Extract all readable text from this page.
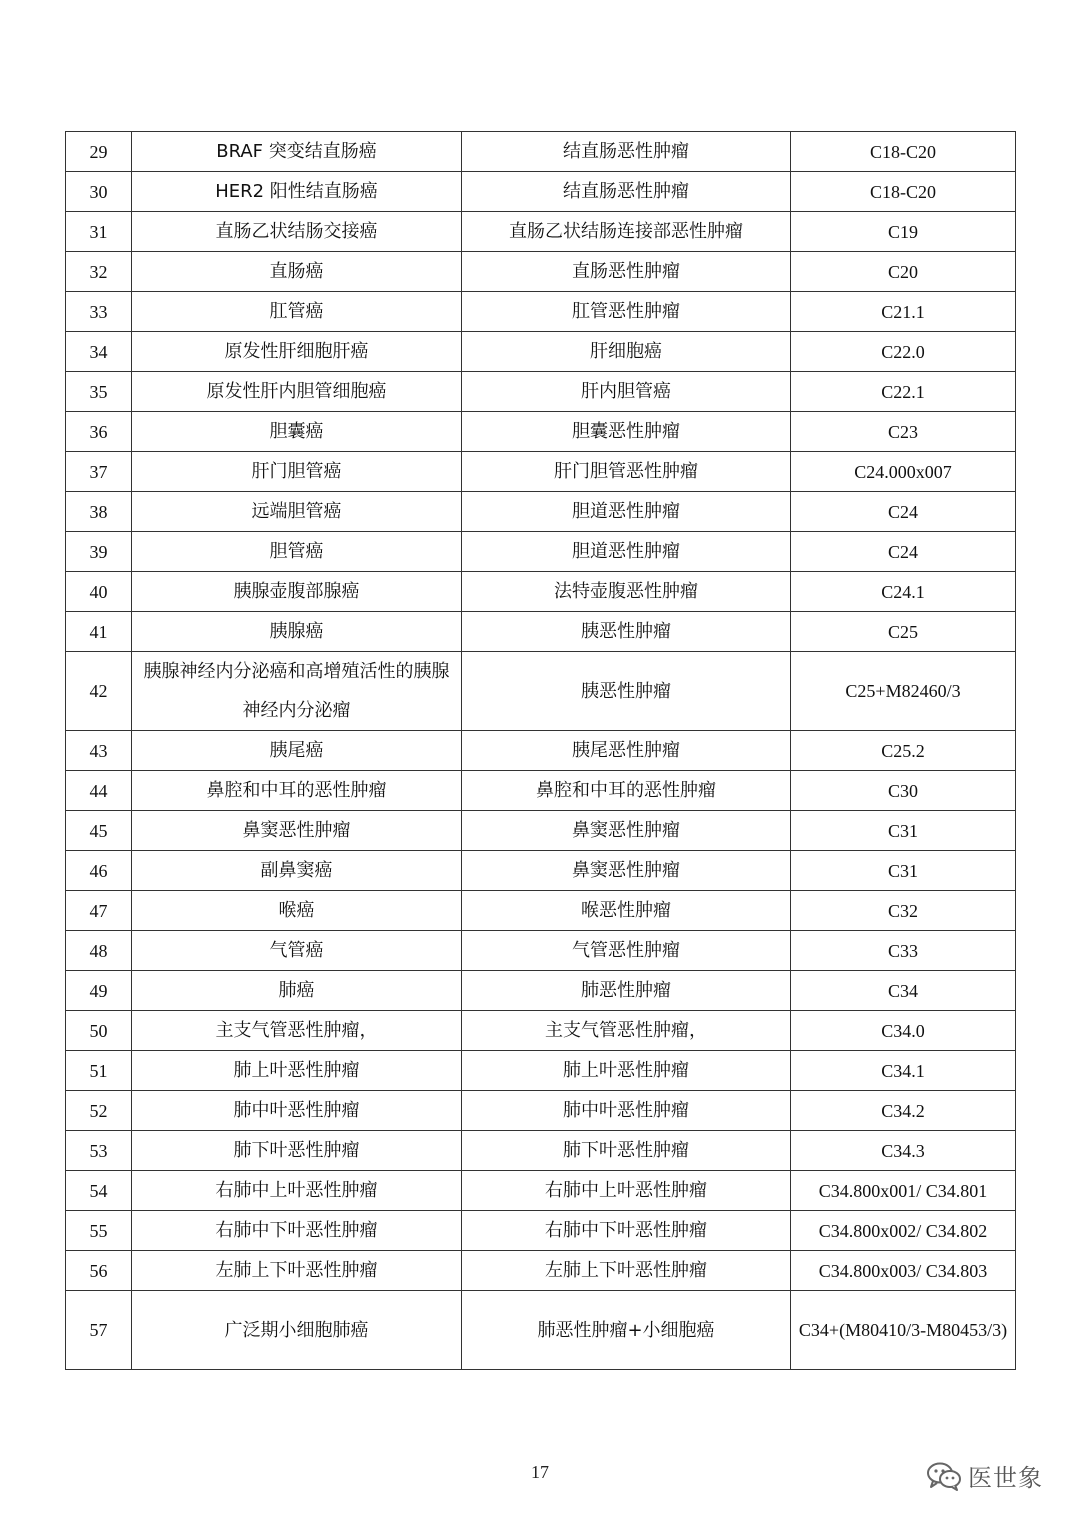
29	BRAF 突变结直肠癌	结直肠恶性肿瘤	C18-C20
30	HER2 阳性结直肠癌	结直肠恶性肿瘤	C18-C20
31	直肠乙状结肠交接癌	直肠乙状结肠连接部恶性肿瘤	C19
32	直肠癌	直肠恶性肿瘤	C20
33	肛管癌	肛管恶性肿瘤	C21.1
34	原发性肝细胞肝癌	肝细胞癌	C22.0
35	原发性肝内胆管细胞癌	肝内胆管癌	C22.1
36	胆囊癌	胆囊恶性肿瘤	C23
37	肝门胆管癌	肝门胆管恶性肿瘤	C24.000x007
38	远端胆管癌	胆道恶性肿瘤	C24
39	胆管癌	胆道恶性肿瘤	C24
40	胰腺壶腹部腺癌	法特壶腹恶性肿瘤	C24.1
41	胰腺癌	胰恶性肿瘤	C25
42	胰腺神经内分泌癌和高增殖活性的胰腺神经内分泌瘤	胰恶性肿瘤	C25+M82460/3
43	胰尾癌	胰尾恶性肿瘤	C25.2
44	鼻腔和中耳的恶性肿瘤	鼻腔和中耳的恶性肿瘤	C30
45	鼻窦恶性肿瘤	鼻窦恶性肿瘤	C31
46	副鼻窦癌	鼻窦恶性肿瘤	C31
47	喉癌	喉恶性肿瘤	C32
48	气管癌	气管恶性肿瘤	C33
49	肺癌	肺恶性肿瘤	C34
50	主支气管恶性肿瘤，	主支气管恶性肿瘤，	C34.0
51	肺上叶恶性肿瘤	肺上叶恶性肿瘤	C34.1
52	肺中叶恶性肿瘤	肺中叶恶性肿瘤	C34.2
53	肺下叶恶性肿瘤	肺下叶恶性肿瘤	C34.3
54	右肺中上叶恶性肿瘤	右肺中上叶恶性肿瘤	C34.800x001/ C34.801
55	右肺中下叶恶性肿瘤	右肺中下叶恶性肿瘤	C34.800x002/ C34.802
56	左肺上下叶恶性肿瘤	左肺上下叶恶性肿瘤	C34.800x003/ C34.803
57	广泛期小细胞肺癌	肺恶性肿瘤+小细胞癌	C34+(M80410/3-M80453/3)
17	医世象
